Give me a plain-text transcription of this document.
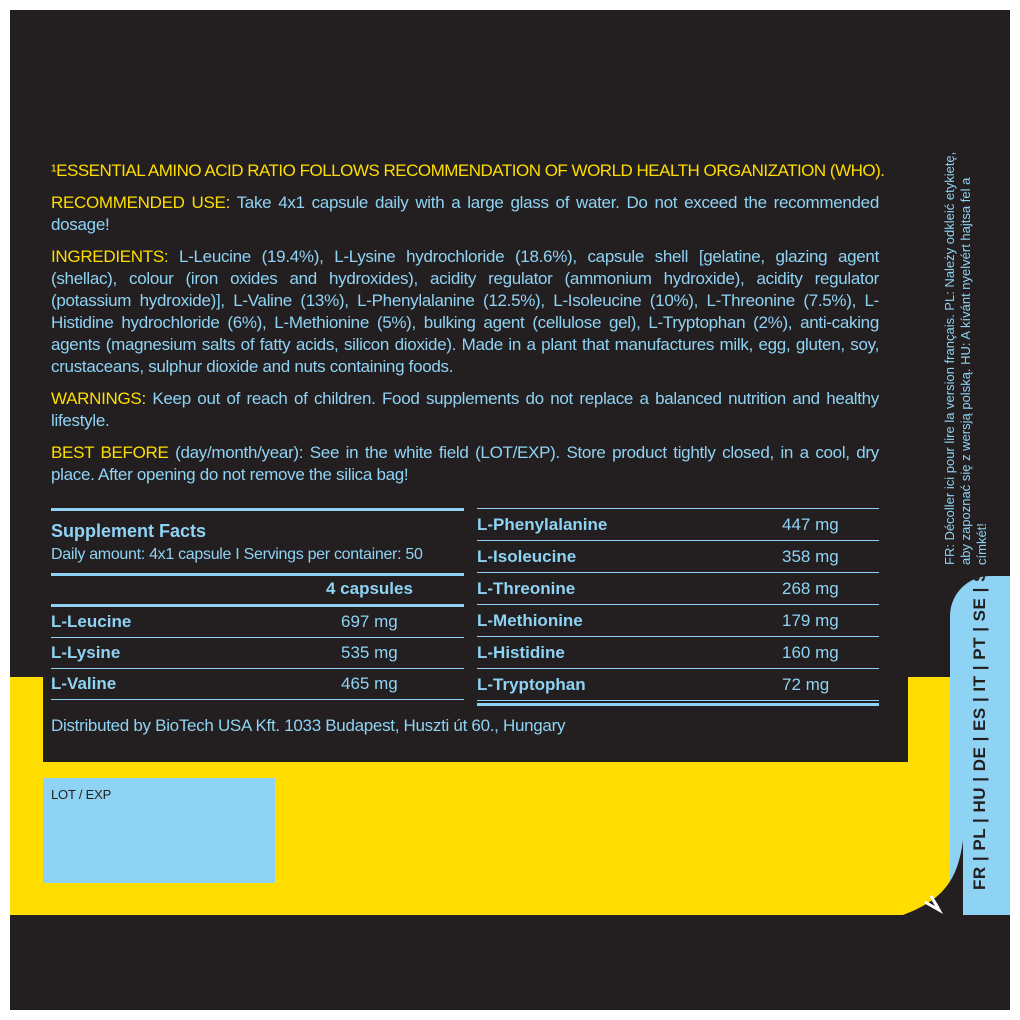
FR | PL | HU | DE | ES | IT | PT | SE | SK
FR: Décoller ici pour lire la version français. PL: Należy odkleić etykietę, aby zapoznać się z wersją polską. HU: A kívánt nyelvért hajtsa fel a címkét!
LOT / EXP
¹ESSENTIAL AMINO ACID RATIO FOLLOWS RECOMMENDATION OF WORLD HEALTH ORGANIZATION (WHO).

RECOMMENDED USE: Take 4x1 capsule daily with a large glass of water. Do not exceed the recommended dosage!

INGREDIENTS: L-Leucine (19.4%), L-Lysine hydrochloride (18.6%), capsule shell [gelatine, glazing agent (shellac), colour (iron oxides and hydroxides), acidity regulator (ammonium hydroxide), acidity regulator (potassium hydroxide)], L-Valine (13%), L-Phenylalanine (12.5%), L-Isoleucine (10%), L-Threonine (7.5%), L-Histidine hydrochloride (6%), L-Methionine (5%), bulking agent (cellulose gel), L-Tryptophan (2%), anti-caking agents (magnesium salts of fatty acids, silicon dioxide). Made in a plant that manufactures milk, egg, gluten, soy, crustaceans, sulphur dioxide and nuts containing foods.

WARNINGS: Keep out of reach of children. Food supplements do not replace a balanced nutrition and healthy lifestyle.

BEST BEFORE (day/month/year): See in the white field (LOT/EXP). Store product tightly closed, in a cool, dry place. After opening do not remove the silica bag!

Supplement Facts
Daily amount: 4x1 capsule I Servings per container: 50
4 capsules
L-Leucine	697 mg
L-Lysine	535 mg
L-Valine	465 mg
L-Phenylalanine	447 mg
L-Isoleucine	358 mg
L-Threonine	268 mg
L-Methionine	179 mg
L-Histidine	160 mg
L-Tryptophan	72 mg
Distributed by BioTech USA Kft. 1033 Budapest, Huszti út 60., Hungary
